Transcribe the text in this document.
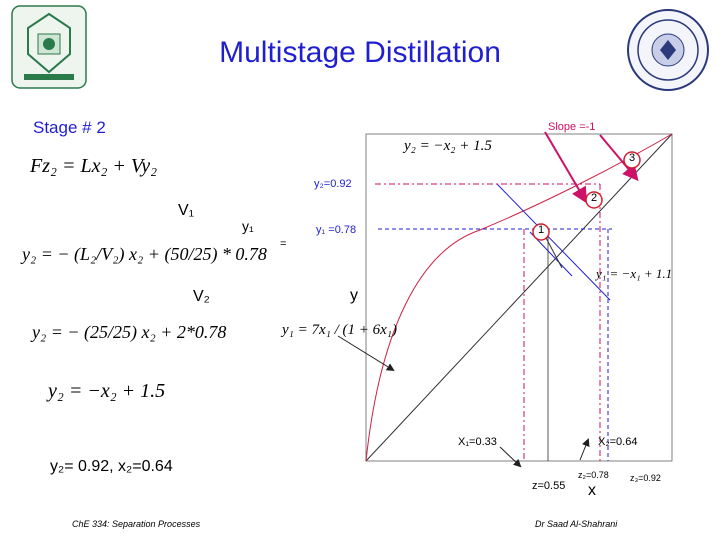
Multistage Distillation
Stage # 2
Fz₂ = Lx₂ + Vy₂
V₁
y₂ = − (L₂/V₂) x₂ + (50/25) * 0.78
V₂
y₂ = − (25/25) x₂ + 2*0.78
y₂ = −x₂ + 1.5
y₂= 0.92, x₂=0.64
Slope =-1
y₂ = −x₂ + 1.5
y₂=0.92
y₁	y₁ =0.78
=
y
y₁ = 7x₁ / (1 + 6x₁)
y₁ = −x₁ + 1.1
X₁=0.33	X₂=0.64
z=0.55 x
z₂=0.78 z₃=0.92
1
2
3
ChE 334: Separation Processes	Dr Saad Al-Shahrani
